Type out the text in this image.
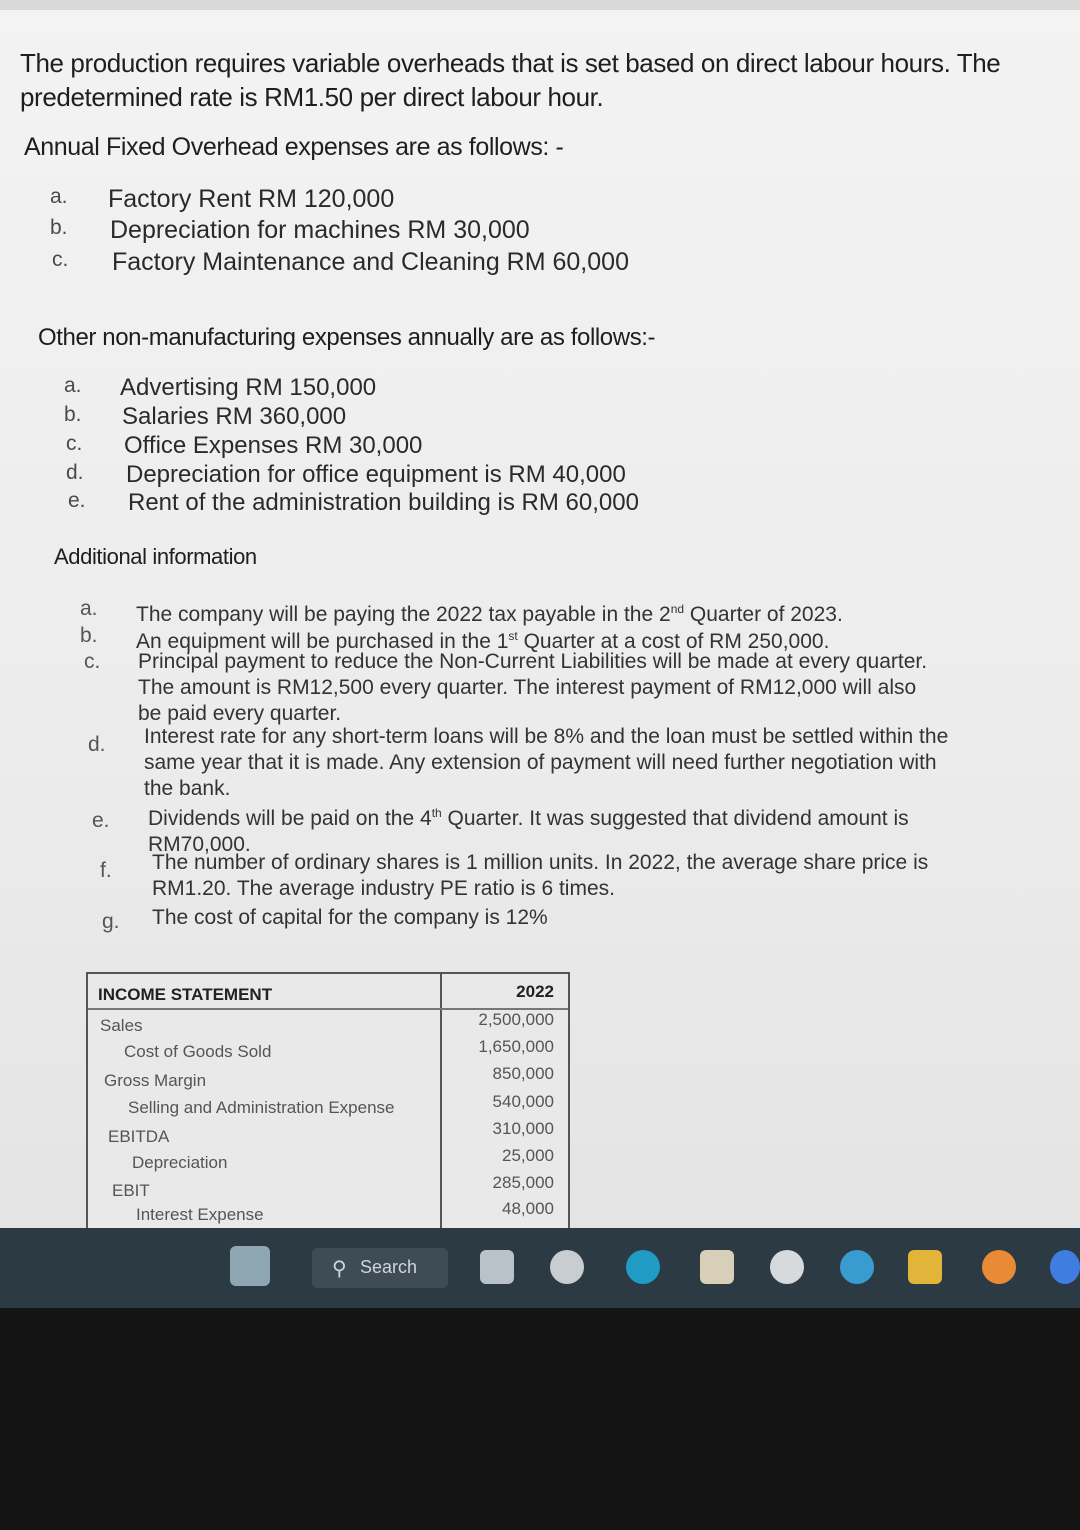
The production requires variable overheads that is set based on direct labour hours. The
predetermined rate is RM1.50 per direct labour hour.
Annual Fixed Overhead expenses are as follows: -
a. Factory Rent RM 120,000
b. Depreciation for machines RM 30,000
c. Factory Maintenance and Cleaning RM 60,000
Other non-manufacturing expenses annually are as follows:-
a. Advertising RM 150,000
b. Salaries RM 360,000
c. Office Expenses RM 30,000
d. Depreciation for office equipment is RM 40,000
e. Rent of the administration building is RM 60,000
Additional information
a. The company will be paying the 2022 tax payable in the 2nd Quarter of 2023.
b. An equipment will be purchased in the 1st Quarter at a cost of RM 250,000.
c. Principal payment to reduce the Non-Current Liabilities will be made at every quarter.
The amount is RM12,500 every quarter. The interest payment of RM12,000 will also
be paid every quarter.
d. Interest rate for any short-term loans will be 8% and the loan must be settled within the
same year that it is made. Any extension of payment will need further negotiation with
the bank.
e. Dividends will be paid on the 4th Quarter. It was suggested that dividend amount is
RM70,000.
f. The number of ordinary shares is 1 million units. In 2022, the average share price is
RM1.20. The average industry PE ratio is 6 times.
g. The cost of capital for the company is 12%
INCOME STATEMENT	2022
Sales	2,500,000
Cost of Goods Sold	1,650,000
Gross Margin	850,000
Selling and Administration Expense	540,000
EBITDA	310,000
Depreciation	25,000
EBIT	285,000
Interest Expense	48,000
⚲ Search
